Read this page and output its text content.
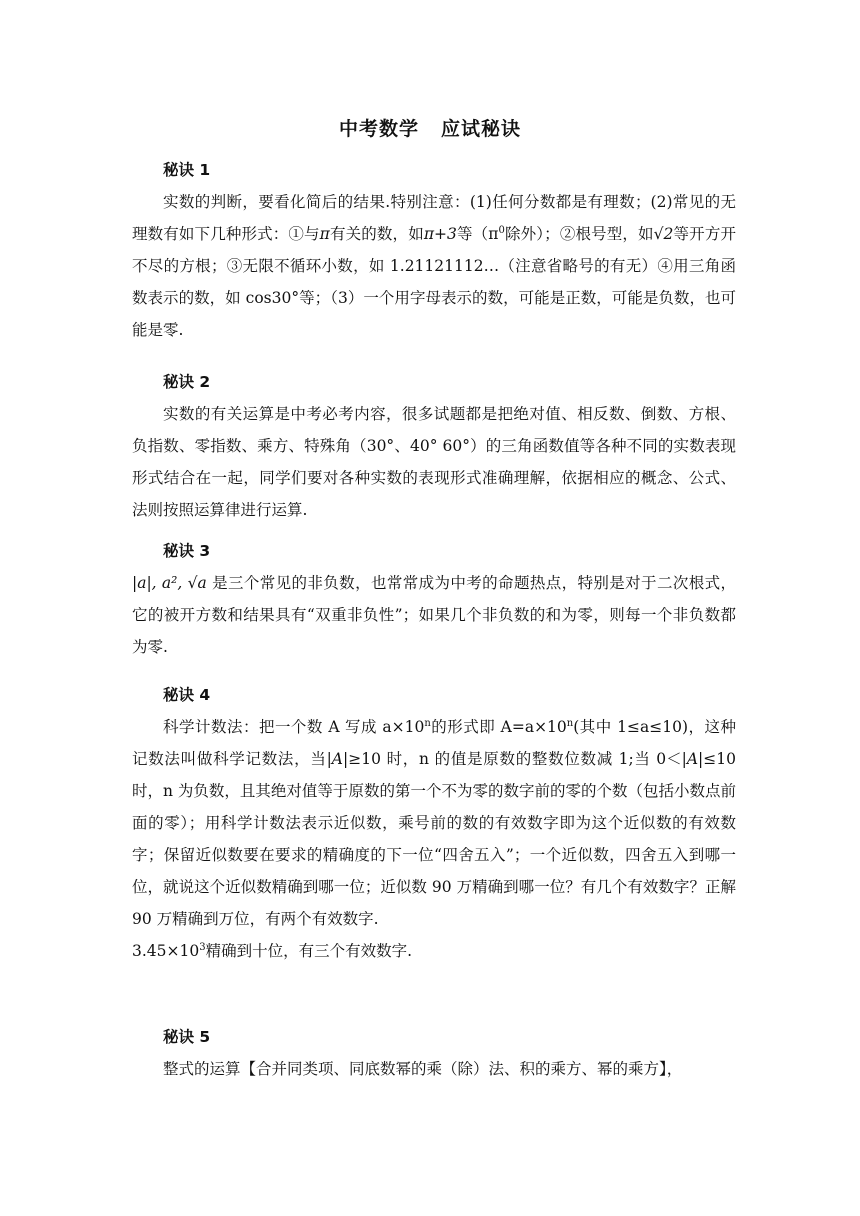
中考数学 应试秘诀

秘诀 1

实数的判断，要看化简后的结果.特别注意：(1)任何分数都是有理数；(2)常见的无理数有如下几种形式：①与π有关的数，如π+3等（$\pi^0$除外）；②根号型，如√2等开方开不尽的方根；③无限不循环小数，如 1.21121112…（注意省略号的有无）④用三角函数表示的数，如 cos30°等；（3）一个用字母表示的数，可能是正数，可能是负数，也可能是零.

秘诀 2

实数的有关运算是中考必考内容，很多试题都是把绝对值、相反数、倒数、方根、负指数、零指数、乘方、特殊角（30°、40° 60°）的三角函数值等各种不同的实数表现形式结合在一起，同学们要对各种实数的表现形式准确理解，依据相应的概念、公式、法则按照运算律进行运算.

秘诀 3

|a|, a², √a 是三个常见的非负数，也常常成为中考的命题热点，特别是对于二次根式，它的被开方数和结果具有“双重非负性”；如果几个非负数的和为零，则每一个非负数都为零.

秘诀 4

科学计数法：把一个数 A 写成 $a\times 10^n$的形式即 $A=a\times 10^n$(其中 1≤a≤10)，这种记数法叫做科学记数法，当|A|≥10 时，n 的值是原数的整数位数减 1;当 0＜|A|≤10 时，n 为负数，且其绝对值等于原数的第一个不为零的数字前的零的个数（包括小数点前面的零）；用科学计数法表示近似数，乘号前的数的有效数字即为这个近似数的有效数字；保留近似数要在要求的精确度的下一位“四舍五入”；一个近似数，四舍五入到哪一位，就说这个近似数精确到哪一位；近似数 90 万精确到哪一位？有几个有效数字？正解 90 万精确到万位，有两个有效数字.

$3.45\times 10^3$精确到十位，有三个有效数字.

秘诀 5

整式的运算【合并同类项、同底数幂的乘（除）法、积的乘方、幂的乘方】，
